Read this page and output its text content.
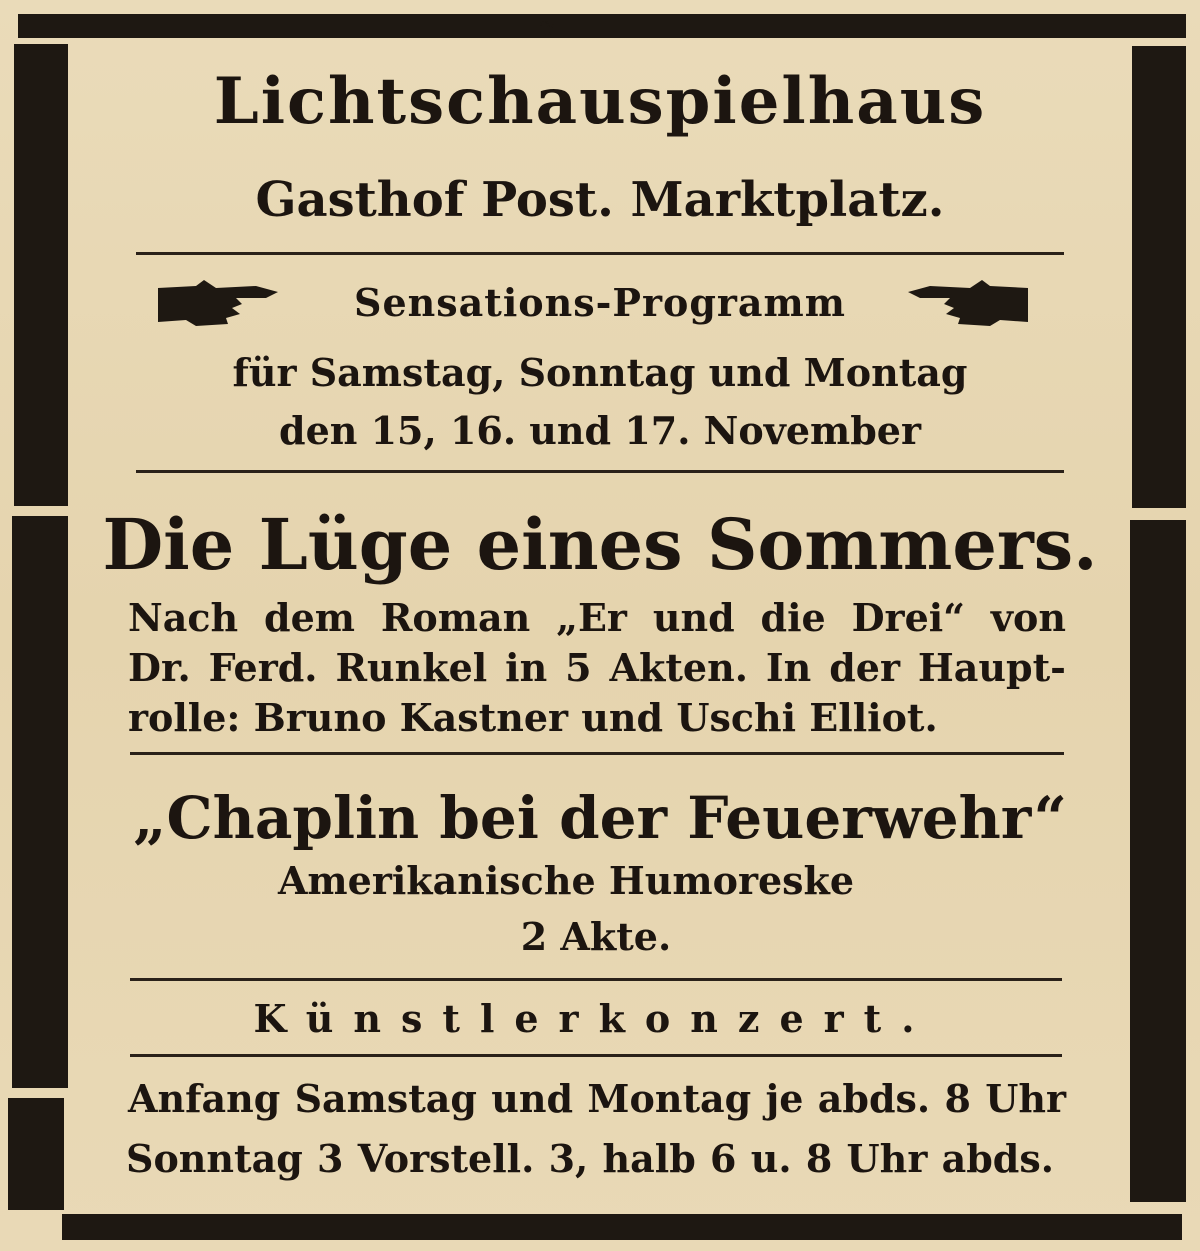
❦
Lichtschauspielhaus
Gasthof Post. Marktplatz.
Sensations-Programm
für Samstag, Sonntag und Montag
den 15, 16. und 17. November
Die Lüge eines Sommers.
Nach dem Roman „Er und die Drei“ von
Dr. Ferd. Runkel in 5 Akten. In der Haupt-
rolle: Bruno Kastner und Uschi Elliot.
„Chaplin bei der Feuerwehr“
Amerikanische Humoreske
2 Akte.
Künstlerkonzert.
Anfang Samstag und Montag je abds. 8 Uhr
Sonntag 3 Vorstell. 3, halb 6 u. 8 Uhr abds.
